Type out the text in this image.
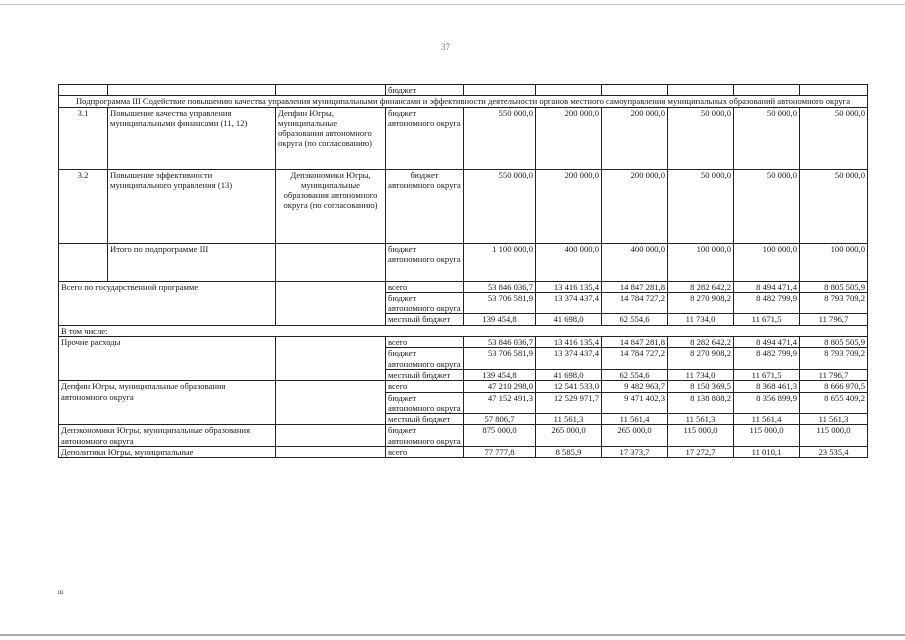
37
			бюджет						
Подпрограмма III Содействие повышению качества управления муниципальными финансами и эффективности деятельности органов местного самоуправления муниципальных образований автономного округа									
3.1	Повышение качества управления муниципальными финансами (11, 12)	Депфин Югры, муниципальные образования автономного округа (по согласованию)	бюджет автономного округа	550 000,0	200 000,0	200 000,0	50 000,0	50 000,0	50 000,0
3.2	Повышение эффективности муниципального управления (13)	Депэкономики Югры, муниципальные образования автономного округа (по согласованию)	бюджет автономного округа	550 000,0	200 000,0	200 000,0	50 000,0	50 000,0	50 000,0
	Итого по подпрограмме III		бюджет автономного округа	1 100 000,0	400 000,0	400 000,0	100 000,0	100 000,0	100 000,0
Всего по государственной программе			всего	53 846 036,7	13 416 135,4	14 847 281,8	8 282 642,2	8 494 471,4	8 805 505,9
			бюджет автономного округа	53 706 581,9	13 374 437,4	14 784 727,2	8 270 908,2	8 482 799,9	8 793 709,2
			местный бюджет	139 454,8	41 698,0	62 554,6	11 734,0	11 671,5	11 796,7
В том числе:									
Прочие расходы			всего	53 846 036,7	13 416 135,4	14 847 281,8	8 282 642,2	8 494 471,4	8 805 505,9
			бюджет автономного округа	53 706 581,9	13 374 437,4	14 784 727,2	8 270 908,2	8 482 799,9	8 793 709,2
			местный бюджет	139 454,8	41 698,0	62 554,6	11 734,0	11 671,5	11 796,7
Депфин Югры, муниципальные образования автономного округа			всего	47 210 298,0	12 541 533,0	9 482 963,7	8 150 369,5	8 368 461,3	8 666 970,5
			бюджет автономного округа	47 152 491,3	12 529 971,7	9 471 402,3	8 138 808,2	8 356 899,9	8 655 409,2
			местный бюджет	57 806,7	11 561,3	11 561,4	11 561,3	11 561,4	11 561,3
Депэкономики Югры, муниципальные образования автономного округа			бюджет автономного округа	875 000,0	265 000,0	265 000,0	115 000,0	115 000,0	115 000,0
Деполитики Югры, муниципальные			всего	77 777,8	8 585,9	17 373,7	17 272,7	11 010,1	23 535,4
ш
